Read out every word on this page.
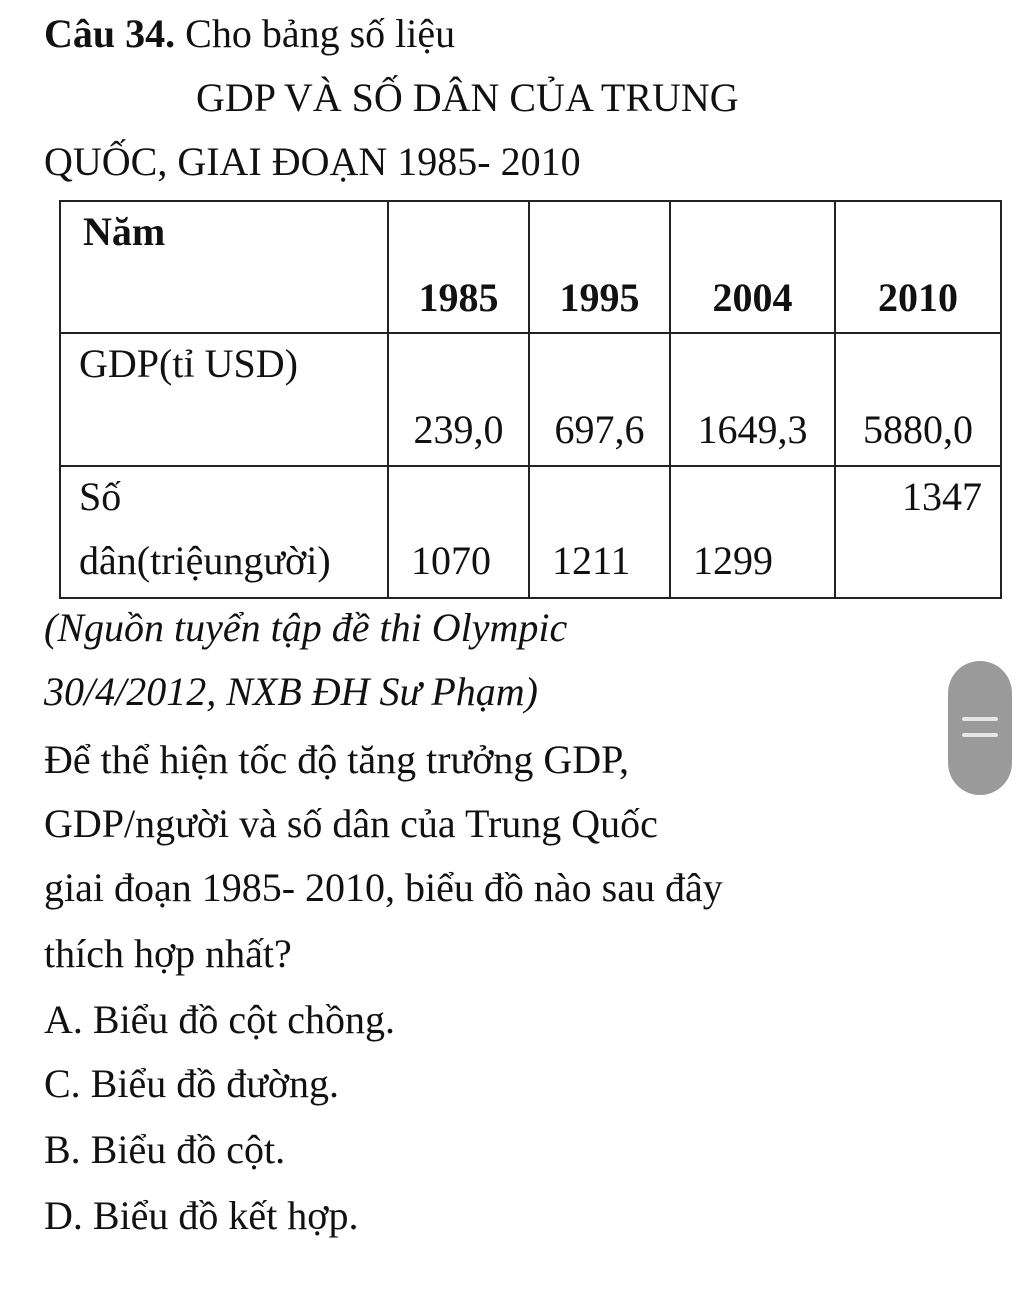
Câu 34. Cho bảng số liệu
GDP VÀ SỐ DÂN CỦA TRUNG
QUỐC, GIAI ĐOẠN 1985- 2010
Năm	1985	1995	2004	2010

GDP(tỉ USD)	239,0	697,6	1649,3	5880,0

Số
dân(triệungười)	1070	1211	1299	1347
(Nguồn tuyển tập đề thi Olympic
30/4/2012, NXB ĐH Sư Phạm)
Để thể hiện tốc độ tăng trưởng GDP,
GDP/người và số dân của Trung Quốc
giai đoạn 1985- 2010, biểu đồ nào sau đây
thích hợp nhất?
A. Biểu đồ cột chồng.
C. Biểu đồ đường.
B. Biểu đồ cột.
D. Biểu đồ kết hợp.
